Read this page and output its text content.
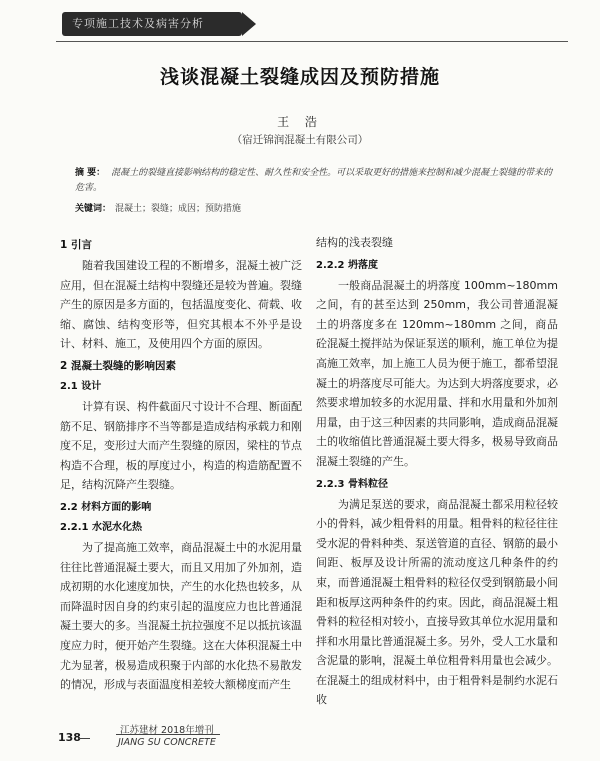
专项施工技术及病害分析
浅谈混凝土裂缝成因及预防措施
王 浩
（宿迁锦润混凝土有限公司）
摘 要： 混凝土的裂缝直接影响结构的稳定性、耐久性和安全性。可以采取更好的措施来控制和减少混凝土裂缝的带来的危害。
关键词： 混凝土；裂缝；成因；预防措施
1 引言

随着我国建设工程的不断增多，混凝土被广泛应用，但在混凝土结构中裂缝还是较为普遍。裂缝产生的原因是多方面的，包括温度变化、荷载、收缩、腐蚀、结构变形等，但究其根本不外乎是设计、材料、施工，及使用四个方面的原因。

2 混凝土裂缝的影响因素
2.1 设计

计算有误、构件截面尺寸设计不合理、断面配筋不足、钢筋排序不当等都是造成结构承载力和刚度不足，变形过大而产生裂缝的原因，梁柱的节点构造不合理，板的厚度过小，构造的构造筋配置不足，结构沉降产生裂缝。

2.2 材料方面的影响
2.2.1 水泥水化热

为了提高施工效率，商品混凝土中的水泥用量往往比普通混凝土要大，而且又用加了外加剂，造成初期的水化速度加快，产生的水化热也较多，从而降温时因自身的约束引起的温度应力也比普通混凝土要大的多。当混凝土抗拉强度不足以抵抗该温度应力时，便开始产生裂缝。这在大体积混凝土中尤为显著，极易造成积聚于内部的水化热不易散发的情况，形成与表面温度相差较大额梯度而产生

结构的浅表裂缝

2.2.2 坍落度

一般商品混凝土的坍落度 100mm~180mm 之间，有的甚至达到 250mm，我公司普通混凝土的坍落度多在 120mm~180mm 之间，商品砼混凝土搅拌站为保证泵送的顺利，施工单位为提高施工效率，加上施工人员为便于施工，都希望混凝土的坍落度尽可能大。为达到大坍落度要求，必然要求增加较多的水泥用量、拌和水用量和外加剂用量，由于这三种因素的共同影响，造成商品混凝土的收缩值比普通混凝土要大得多，极易导致商品混凝土裂缝的产生。

2.2.3 骨料粒径

为满足泵送的要求，商品混凝土都采用粒径较小的骨料，减少粗骨料的用量。粗骨料的粒径往往受水泥的骨料种类、泵送管道的直径、钢筋的最小间距、板厚及设计所需的流动度这几种条件的约束，而普通混凝土粗骨料的粒径仅受到钢筋最小间距和板厚这两种条件的约束。因此，商品混凝土粗骨料的粒径相对较小，直接导致其单位水泥用量和拌和水用量比普通混凝土多。另外，受人工水量和含泥量的影响，混凝土单位粗骨料用量也会减少。在混凝土的组成材料中，由于粗骨料是制约水泥石收

138
江苏建材 2018年增刊
JIANG SU CONCRETE
